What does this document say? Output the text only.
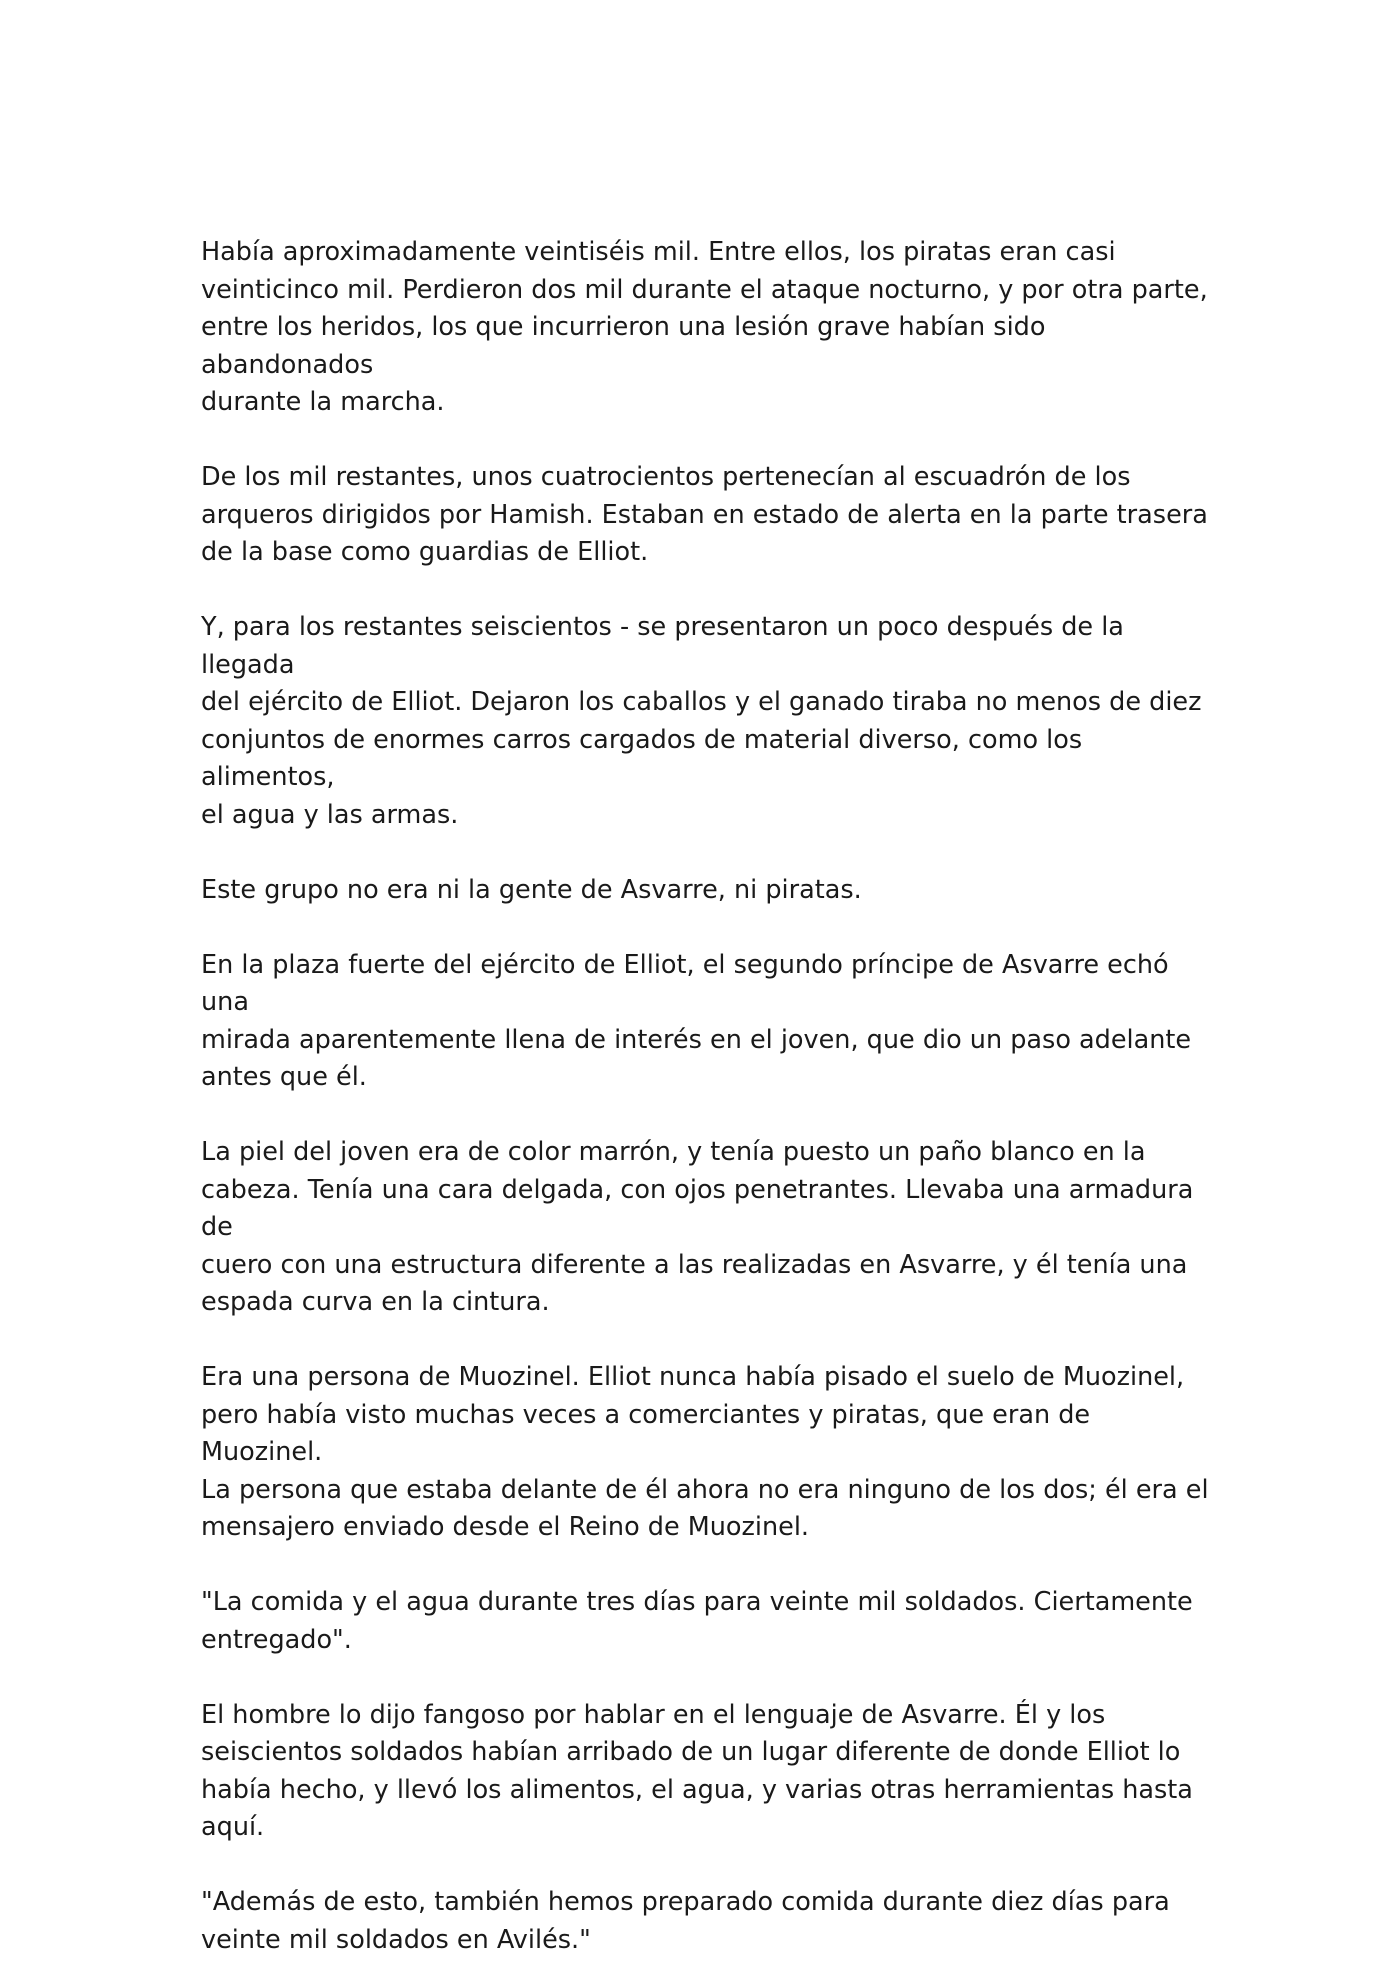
Había aproximadamente veintiséis mil. Entre ellos, los piratas eran casi
veinticinco mil. Perdieron dos mil durante el ataque nocturno, y por otra parte,
entre los heridos, los que incurrieron una lesión grave habían sido abandonados
durante la marcha.

De los mil restantes, unos cuatrocientos pertenecían al escuadrón de los
arqueros dirigidos por Hamish. Estaban en estado de alerta en la parte trasera
de la base como guardias de Elliot.

Y, para los restantes seiscientos - se presentaron un poco después de la llegada
del ejército de Elliot. Dejaron los caballos y el ganado tiraba no menos de diez
conjuntos de enormes carros cargados de material diverso, como los alimentos,
el agua y las armas.

Este grupo no era ni la gente de Asvarre, ni piratas.

En la plaza fuerte del ejército de Elliot, el segundo príncipe de Asvarre echó una
mirada aparentemente llena de interés en el joven, que dio un paso adelante
antes que él.

La piel del joven era de color marrón, y tenía puesto un paño blanco en la
cabeza. Tenía una cara delgada, con ojos penetrantes. Llevaba una armadura de
cuero con una estructura diferente a las realizadas en Asvarre, y él tenía una
espada curva en la cintura.

Era una persona de Muozinel. Elliot nunca había pisado el suelo de Muozinel,
pero había visto muchas veces a comerciantes y piratas, que eran de Muozinel.
La persona que estaba delante de él ahora no era ninguno de los dos; él era el
mensajero enviado desde el Reino de Muozinel.

"La comida y el agua durante tres días para veinte mil soldados. Ciertamente
entregado".

El hombre lo dijo fangoso por hablar en el lenguaje de Asvarre. Él y los
seiscientos soldados habían arribado de un lugar diferente de donde Elliot lo
había hecho, y llevó los alimentos, el agua, y varias otras herramientas hasta
aquí.

"Además de esto, también hemos preparado comida durante diez días para
veinte mil soldados en Avilés."
